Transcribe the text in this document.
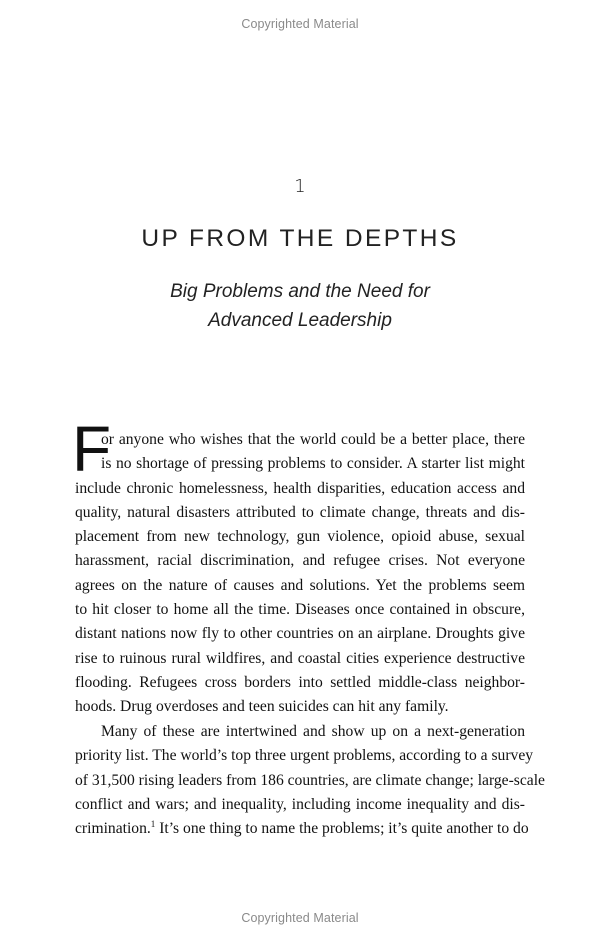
Copyrighted Material
1
UP FROM THE DEPTHS
Big Problems and the Need for
Advanced Leadership
F
or anyone who wishes that the world could be a better place, there
is no shortage of pressing problems to consider. A starter list might
include chronic homelessness, health disparities, education access and
quality, natural disasters attributed to climate change, threats and dis-
placement from new technology, gun violence, opioid abuse, sexual
harassment, racial discrimination, and refugee crises. Not everyone
agrees on the nature of causes and solutions. Yet the problems seem
to hit closer to home all the time. Diseases once contained in obscure,
distant nations now fly to other countries on an airplane. Droughts give
rise to ruinous rural wildfires, and coastal cities experience destructive
flooding. Refugees cross borders into settled middle-class neighbor-
hoods. Drug overdoses and teen suicides can hit any family.
Many of these are intertwined and show up on a next-generation
priority list. The world’s top three urgent problems, according to a survey
of 31,500 rising leaders from 186 countries, are climate change; large-scale
conflict and wars; and inequality, including income inequality and dis-
crimination.$^1$ It’s one thing to name the problems; it’s quite another to do
Copyrighted Material
